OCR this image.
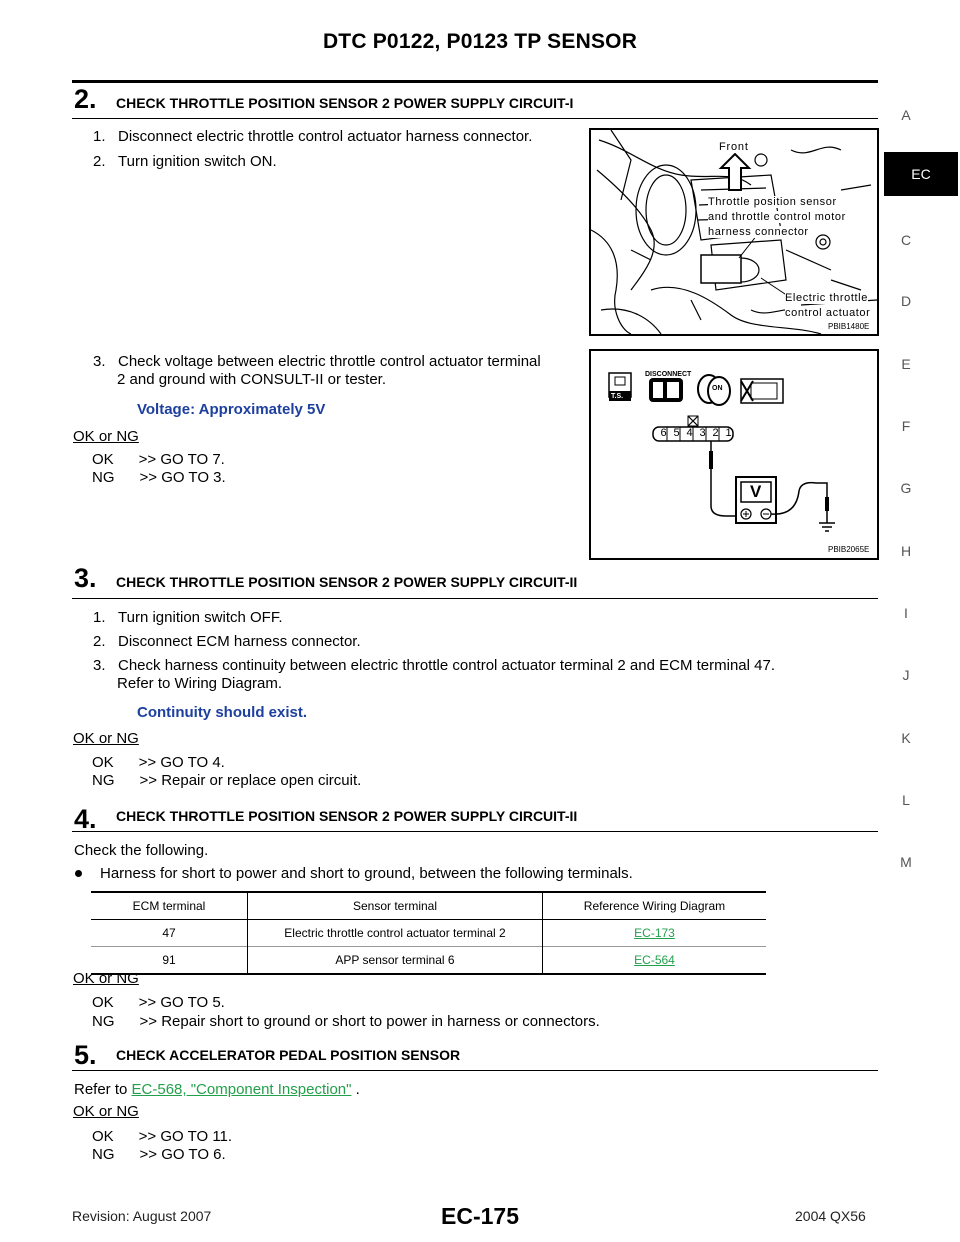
DTC P0122, P0123 TP SENSOR
A
EC
C
D
E
F
G
H
I
J
K
L
M
2. CHECK THROTTLE POSITION SENSOR 2 POWER SUPPLY CIRCUIT-I
1.   Disconnect electric throttle control actuator harness connector.
2.   Turn ignition switch ON.
3.   Check voltage between electric throttle control actuator terminal
2 and ground with CONSULT-II or tester.
Voltage: Approximately 5V
OK or NG
OK      >> GO TO 7.
NG      >> GO TO 3.
Front
Throttle position sensor
and throttle control motor
harness connector
Electric throttle
control actuator
PBIB1480E
DISCONNECT
T.S.
ON
6 5 4 3 2 1
V
PBIB2065E
3. CHECK THROTTLE POSITION SENSOR 2 POWER SUPPLY CIRCUIT-II
1.   Turn ignition switch OFF.
2.   Disconnect ECM harness connector.
3.   Check harness continuity between electric throttle control actuator terminal 2 and ECM terminal 47.
Refer to Wiring Diagram.
Continuity should exist.
OK or NG
OK      >> GO TO 4.
NG      >> Repair or replace open circuit.
4. CHECK THROTTLE POSITION SENSOR 2 POWER SUPPLY CIRCUIT-II
Check the following.
Harness for short to power and short to ground, between the following terminals.
ECM terminal	Sensor terminal	Reference Wiring Diagram
47	Electric throttle control actuator terminal 2	EC-173
91	APP sensor terminal 6	EC-564
OK or NG
OK      >> GO TO 5.
NG      >> Repair short to ground or short to power in harness or connectors.
5. CHECK ACCELERATOR PEDAL POSITION SENSOR
Refer to EC-568, "Component Inspection" .
OK or NG
OK      >> GO TO 11.
NG      >> GO TO 6.
Revision: August 2007	EC-175	2004 QX56
